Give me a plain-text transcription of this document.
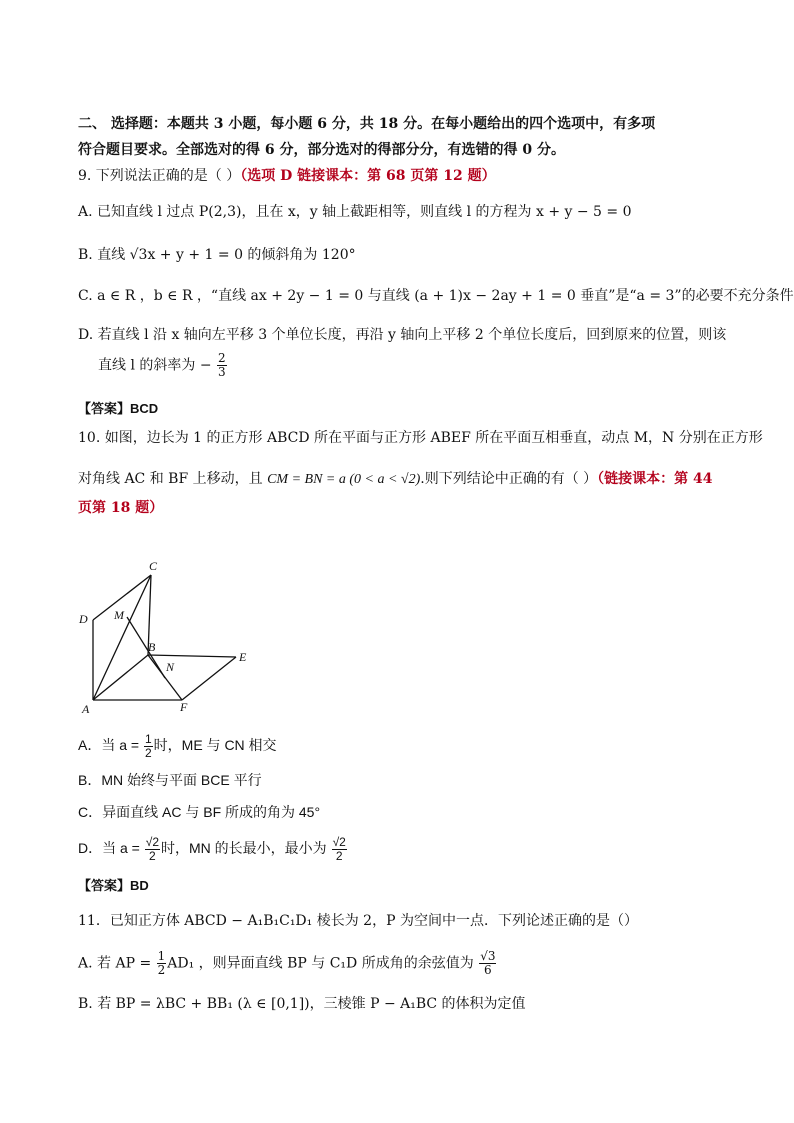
二、 选择题：本题共 3 小题，每小题 6 分，共 18 分。在每小题给出的四个选项中，有多项
符合题目要求。全部选对的得 6 分，部分选对的得部分分，有选错的得 0 分。
9. 下列说法正确的是（ ）（选项 D 链接课本：第 68 页第 12 题）
A. 已知直线 l 过点 P(2,3)，且在 x，y 轴上截距相等，则直线 l 的方程为 x + y − 5 = 0
B. 直线 √3x + y + 1 = 0 的倾斜角为 120°
C. a ∈ R ，b ∈ R ，“直线 ax + 2y − 1 = 0 与直线 (a + 1)x − 2ay + 1 = 0 垂直”是“a = 3”的必要不充分条件
D. 若直线 l 沿 x 轴向左平移 3 个单位长度，再沿 y 轴向上平移 2 个单位长度后，回到原来的位置，则该
直线 l 的斜率为 − $\frac{2}{3}$
【答案】BCD
10. 如图，边长为 1 的正方形 ABCD 所在平面与正方形 ABEF 所在平面互相垂直，动点 M，N 分别在正方形
对角线 AC 和 BF 上移动，且 CM = BN = a (0 < a < √2).则下列结论中正确的有（ ）（链接课本：第 44
页第 18 题）
C
D M
B
N
E
A	F
A．当 $a = \frac{1}{2}$ 时，ME 与 CN 相交
B．MN 始终与平面 BCE 平行
C．异面直线 AC 与 BF 所成的角为 45°
D．当 $a = \frac{√2}{2}$ 时，MN 的长最小，最小为 $\frac{√2}{2}$
【答案】BD
11．已知正方体 ABCD − A₁B₁C₁D₁ 棱长为 2，P 为空间中一点．下列论述正确的是（）
A. 若 AP = $\frac{1}{2} AD_1$ ，则异面直线 BP 与 C₁D 所成角的余弦值为 $\frac{√3}{6}$
B. 若 BP = λBC + BB₁ (λ ∈ [0,1])，三棱锥 P − A₁BC 的体积为定值
